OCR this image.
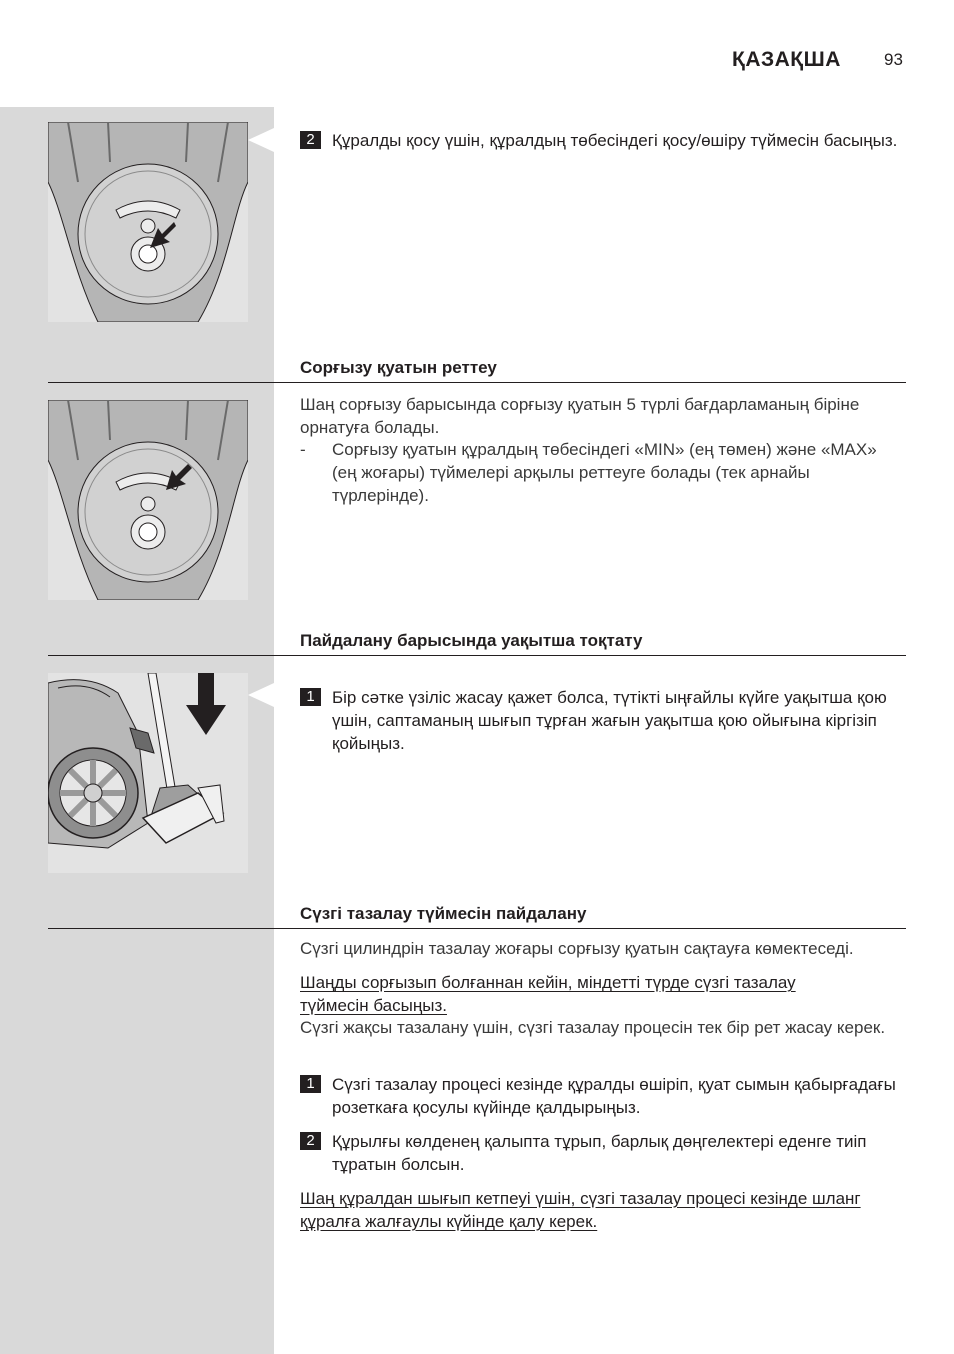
ҚАЗАҚША	93
2	Құралды қосу үшін, құралдың төбесіндегі қосу/өшіру түймесін басыңыз.
Сорғызу қуатын реттеу

Шаң сорғызу барысында сорғызу қуатын 5 түрлі бағдарламаның біріне орнатуға болады.

-	Сорғызу қуатын құралдың төбесіндегі «MIN» (ең төмен) және «MAX» (ең жоғары) түймелері арқылы реттеуге болады (тек арнайы түрлерінде).
Пайдалану барысында уақытша тоқтату
1	Бір сәтке үзіліс жасау қажет болса, түтікті ыңғайлы күйге уақытша қою үшін, саптаманың шығып тұрған жағын уақытша қою ойығына кіргізіп қойыңыз.
Сүзгі тазалау түймесін пайдалану

Сүзгі цилиндрін тазалау жоғары сорғызу қуатын сақтауға көмектеседі.

Шаңды сорғызып болғаннан кейін, міндетті түрде сүзгі тазалау түймесін басыңыз.

Сүзгі жақсы тазалану үшін, сүзгі тазалау процесін тек бір рет жасау керек.

1	Сүзгі тазалау процесі кезінде құралды өшіріп, қуат сымын қабырғадағы розеткаға қосулы күйінде қалдырыңыз.
2	Құрылғы көлденең қалыпта тұрып, барлық дөңгелектері еденге тиіп тұратын болсын.

Шаң құралдан шығып кетпеуі үшін, сүзгі тазалау процесі кезінде шланг құралға жалғаулы күйінде қалу керек.
